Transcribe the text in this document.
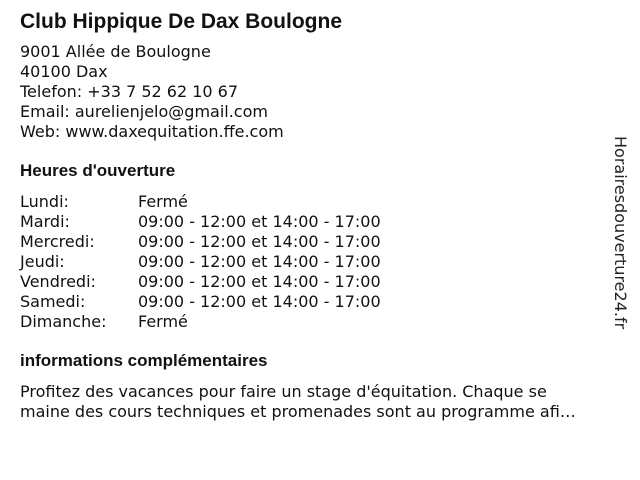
Club Hippique De Dax Boulogne
9001 Allée de Boulogne
40100 Dax
Telefon: +33 7 52 62 10 67
Email: aurelienjelo@gmail.com
Web: www.daxequitation.ffe.com
Heures d'ouverture
Lundi:	Fermé
Mardi:	09:00 - 12:00 et 14:00 - 17:00
Mercredi:	09:00 - 12:00 et 14:00 - 17:00
Jeudi:	09:00 - 12:00 et 14:00 - 17:00
Vendredi:	09:00 - 12:00 et 14:00 - 17:00
Samedi:	09:00 - 12:00 et 14:00 - 17:00
Dimanche:	Fermé
informations complémentaires
Profitez des vacances pour faire un stage d'équitation. Chaque se
maine des cours techniques et promenades sont au programme afi…
Horairesdouverture24.fr
